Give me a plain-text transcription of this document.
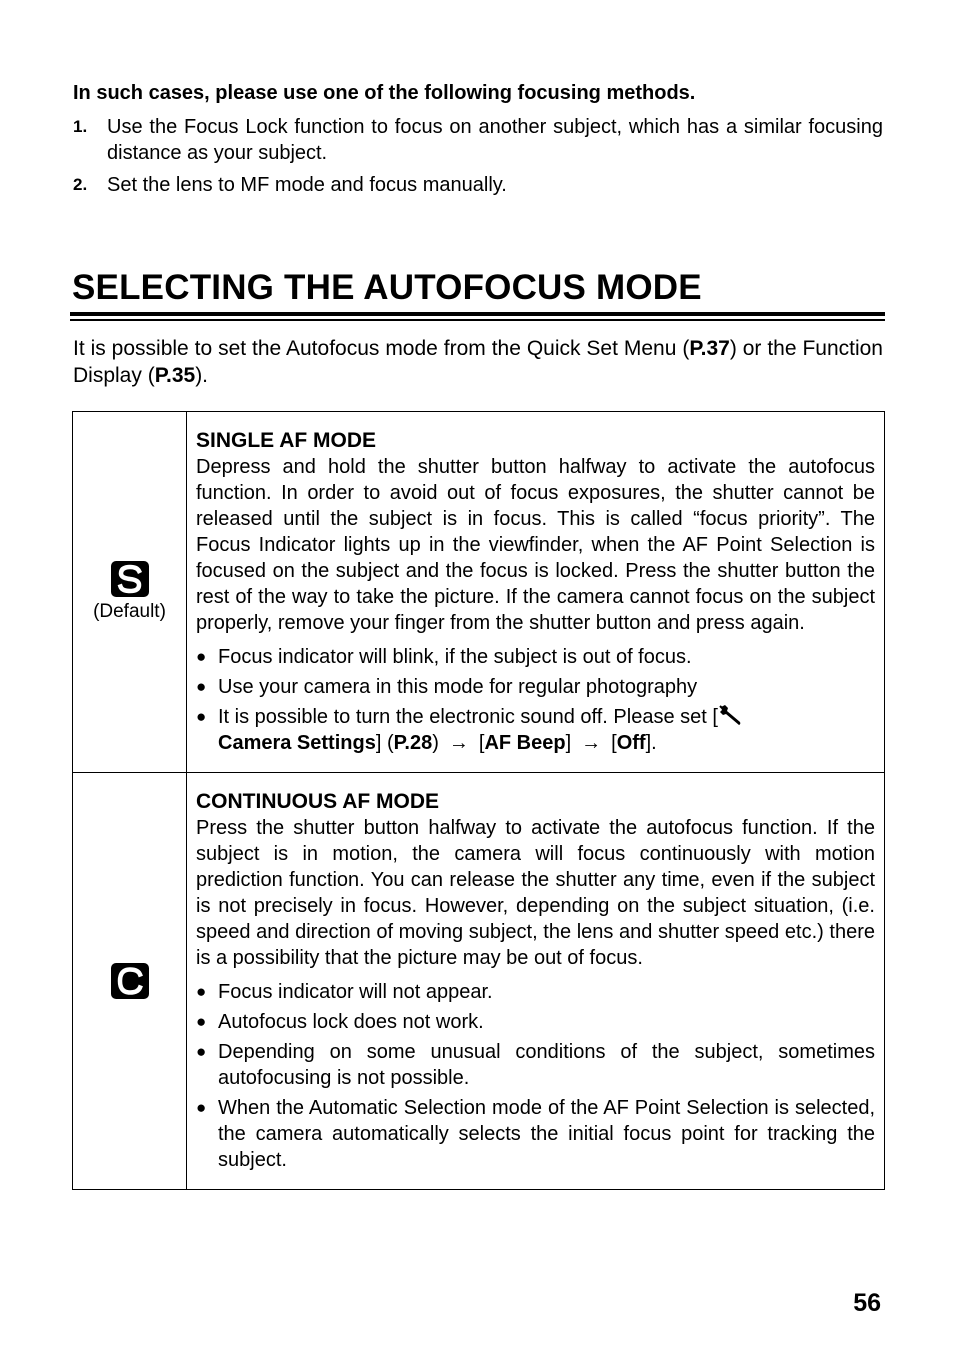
In such cases, please use one of the following focusing methods.
1. Use the Focus Lock function to focus on another subject, which has a similar focusing distance as your subject.
2. Set the lens to MF mode and focus manually.
SELECTING THE AUTOFOCUS MODE
It is possible to set the Autofocus mode from the Quick Set Menu (P.37) or the Function Display (P.35).
(Default)
SINGLE AF MODE
Depress and hold the shutter button halfway to activate the autofocus function. In order to avoid out of focus exposures, the shutter cannot be released until the subject is in focus. This is called “focus priority”. The Focus Indicator lights up in the viewfinder, when the AF Point Selection is focused on the subject and the focus is locked. Press the shutter button the rest of the way to take the picture. If the camera cannot focus on the subject properly, remove your finger from the shutter button and press again.
● Focus indicator will blink, if the subject is out of focus.
● Use your camera in this mode for regular photography
● It is possible to turn the electronic sound off. Please set [
Camera Settings] (P.28) → [AF Beep] → [Off].
CONTINUOUS AF MODE
Press the shutter button halfway to activate the autofocus function. If the subject is in motion, the camera will focus continuously with motion prediction function. You can release the shutter any time, even if the subject is not precisely in focus. However, depending on the subject situation, (i.e. speed and direction of moving subject, the lens and shutter speed etc.) there is a possibility that the picture may be out of focus.
● Focus indicator will not appear.
● Autofocus lock does not work.
● Depending on some unusual conditions of the subject, sometimes autofocusing is not possible.
● When the Automatic Selection mode of the AF Point Selection is selected, the camera automatically selects the initial focus point for tracking the subject.
56
